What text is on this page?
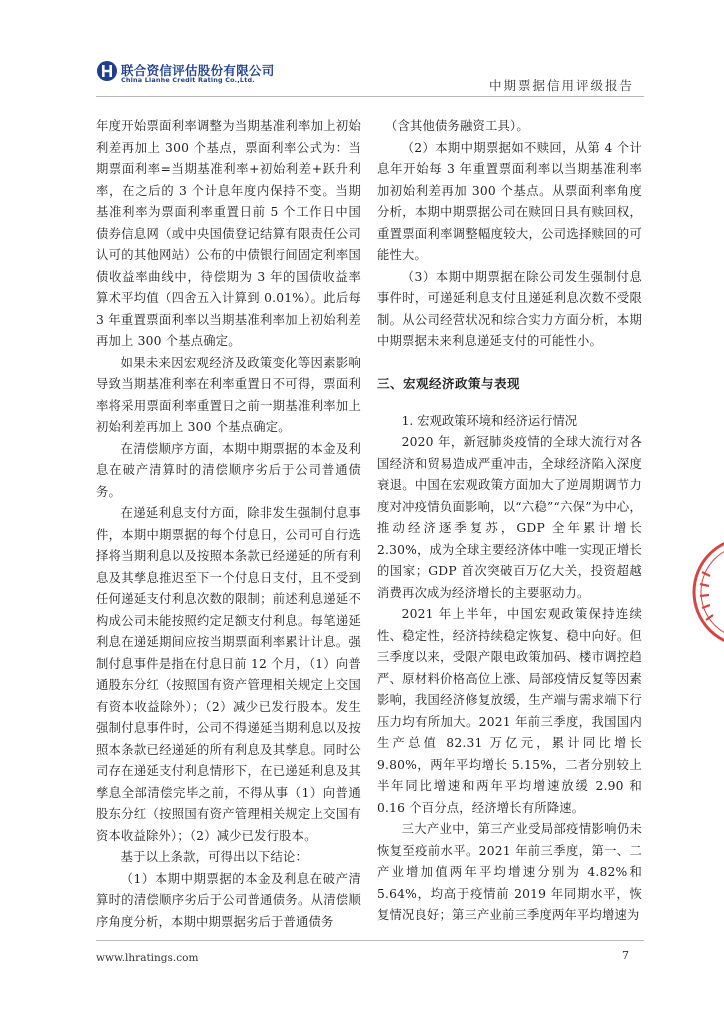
联合资信评估股份有限公司
China Lianhe Credit Rating Co.,Ltd.	中期票据信用评级报告

年度开始票面利率调整为当期基准利率加上初始利差再加上 300 个基点，票面利率公式为：当期票面利率=当期基准利率+初始利差+跃升利率，在之后的 3 个计息年度内保持不变。当期基准利率为票面利率重置日前 5 个工作日中国债券信息网（或中央国债登记结算有限责任公司认可的其他网站）公布的中债银行间固定利率国债收益率曲线中，待偿期为 3 年的国债收益率算术平均值（四舍五入计算到 0.01%）。此后每 3 年重置票面利率以当期基准利率加上初始利差再加上 300 个基点确定。

如果未来因宏观经济及政策变化等因素影响导致当期基准利率在利率重置日不可得，票面利率将采用票面利率重置日之前一期基准利率加上初始利差再加上 300 个基点确定。

在清偿顺序方面，本期中期票据的本金及利息在破产清算时的清偿顺序劣后于公司普通债务。

在递延利息支付方面，除非发生强制付息事件，本期中期票据的每个付息日，公司可自行选择将当期利息以及按照本条款已经递延的所有利息及其孳息推迟至下一个付息日支付，且不受到任何递延支付利息次数的限制；前述利息递延不构成公司未能按照约定足额支付利息。每笔递延利息在递延期间应按当期票面利率累计计息。强制付息事件是指在付息日前 12 个月，（1）向普通股东分红（按照国有资产管理相关规定上交国有资本收益除外）；（2）减少已发行股本。发生强制付息事件时，公司不得递延当期利息以及按照本条款已经递延的所有利息及其孳息。同时公司存在递延支付利息情形下，在已递延利息及其孳息全部清偿完毕之前，不得从事（1）向普通股东分红（按照国有资产管理相关规定上交国有资本收益除外）；（2）减少已发行股本。

基于以上条款，可得出以下结论：

（1）本期中期票据的本金及利息在破产清算时的清偿顺序劣后于公司普通债务。从清偿顺序角度分析，本期中期票据劣后于普通债务

（含其他债务融资工具）。

（2）本期中期票据如不赎回，从第 4 个计息年开始每 3 年重置票面利率以当期基准利率加初始利差再加 300 个基点。从票面利率角度分析，本期中期票据公司在赎回日具有赎回权，重置票面利率调整幅度较大，公司选择赎回的可能性大。

（3）本期中期票据在除公司发生强制付息事件时，可递延利息支付且递延利息次数不受限制。从公司经营状况和综合实力方面分析，本期中期票据未来利息递延支付的可能性小。

三、宏观经济政策与表现
1. 宏观政策环境和经济运行情况

2020 年，新冠肺炎疫情的全球大流行对各国经济和贸易造成严重冲击，全球经济陷入深度衰退。中国在宏观政策方面加大了逆周期调节力度对冲疫情负面影响，以“六稳”“六保”为中心，推动经济逐季复苏，GDP 全年累计增长 2.30%，成为全球主要经济体中唯一实现正增长的国家；GDP 首次突破百万亿大关，投资超越消费再次成为经济增长的主要驱动力。

2021 年上半年，中国宏观政策保持连续性、稳定性，经济持续稳定恢复、稳中向好。但三季度以来，受限产限电政策加码、楼市调控趋严、原材料价格高位上涨、局部疫情反复等因素影响，我国经济修复放缓，生产端与需求端下行压力均有所加大。2021 年前三季度，我国国内生产总值 82.31 万亿元，累计同比增长 9.80%，两年平均增长 5.15%，二者分别较上半年同比增速和两年平均增速放缓 2.90 和 0.16 个百分点，经济增长有所降速。

三大产业中，第三产业受局部疫情影响仍未恢复至疫前水平。2021 年前三季度，第一、二产业增加值两年平均增速分别为 4.82%和 5.64%，均高于疫情前 2019 年同期水平，恢复情况良好；第三产业前三季度两年平均增速为

www.lhratings.com	7
